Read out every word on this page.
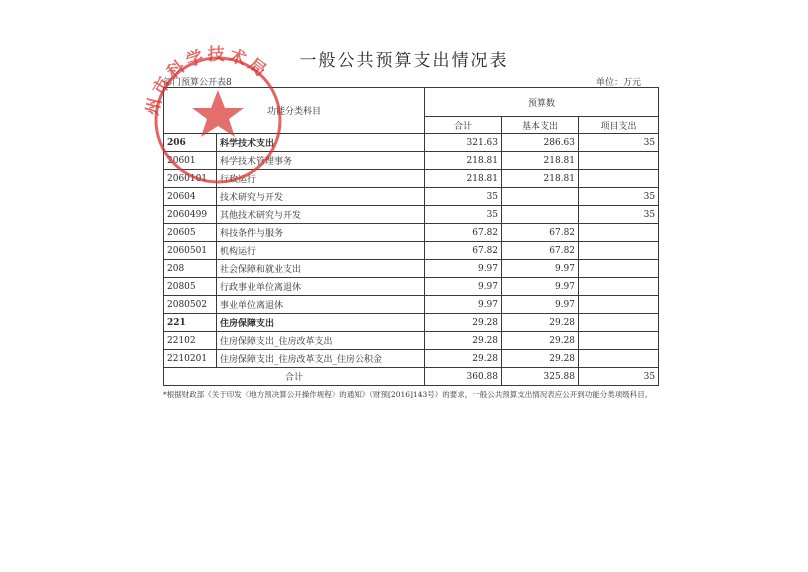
一般公共预算支出情况表
部门预算公开表8	单位：万元
功能分类科目		预算数		
		合计	基本支出	项目支出
206	科学技术支出	321.63	286.63	35
20601	科学技术管理事务	218.81	218.81	
2060101	行政运行	218.81	218.81	
20604	技术研究与开发	35		35
2060499	其他技术研究与开发	35		35
20605	科技条件与服务	67.82	67.82	
2060501	机构运行	67.82	67.82	
208	社会保障和就业支出	9.97	9.97	
20805	行政事业单位离退休	9.97	9.97	
2080502	事业单位离退休	9.97	9.97	
221	住房保障支出	29.28	29.28	
22102	住房保障支出_住房改革支出	29.28	29.28	
2210201	住房保障支出_住房改革支出_住房公积金	29.28	29.28	
合计		360.88	325.88	35
*根据财政部《关于印发〈地方预决算公开操作规程〉的通知》（财预[2016]143号）的要求，一般公共预算支出情况表应公开到功能分类项级科目。
州市科学技术局
